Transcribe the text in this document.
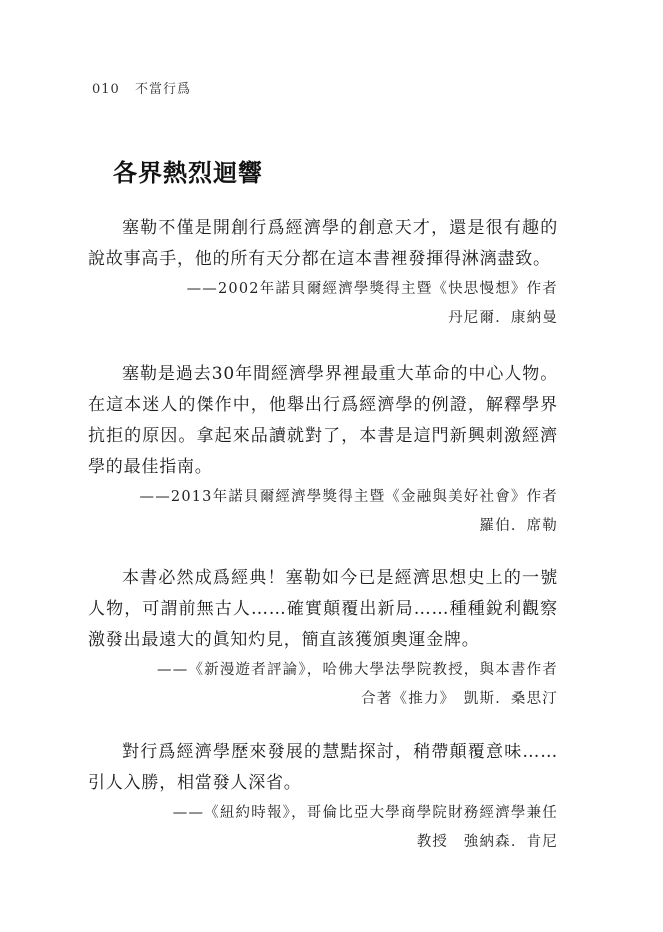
010 不當行爲
各界熱烈迴響

塞勒不僅是開創行爲經濟學的創意天才，還是很有趣的說故事高手，他的所有天分都在這本書裡發揮得淋漓盡致。

——2002年諾貝爾經濟學獎得主暨《快思慢想》作者
丹尼爾．康納曼

塞勒是過去30年間經濟學界裡最重大革命的中心人物。在這本迷人的傑作中，他舉出行爲經濟學的例證，解釋學界抗拒的原因。拿起來品讀就對了，本書是這門新興刺激經濟學的最佳指南。

——2013年諾貝爾經濟學獎得主暨《金融與美好社會》作者
羅伯．席勒

本書必然成爲經典！塞勒如今已是經濟思想史上的一號人物，可謂前無古人……確實顛覆出新局……種種銳利觀察激發出最遠大的眞知灼見，簡直該獲頒奧運金牌。

——《新漫遊者評論》，哈佛大學法學院教授，與本書作者
合著《推力》　凱斯．桑思汀

對行爲經濟學歷來發展的慧黠探討，稍帶顛覆意味……引人入勝，相當發人深省。

——《紐約時報》，哥倫比亞大學商學院財務經濟學兼任
教授　強納森．肯尼
